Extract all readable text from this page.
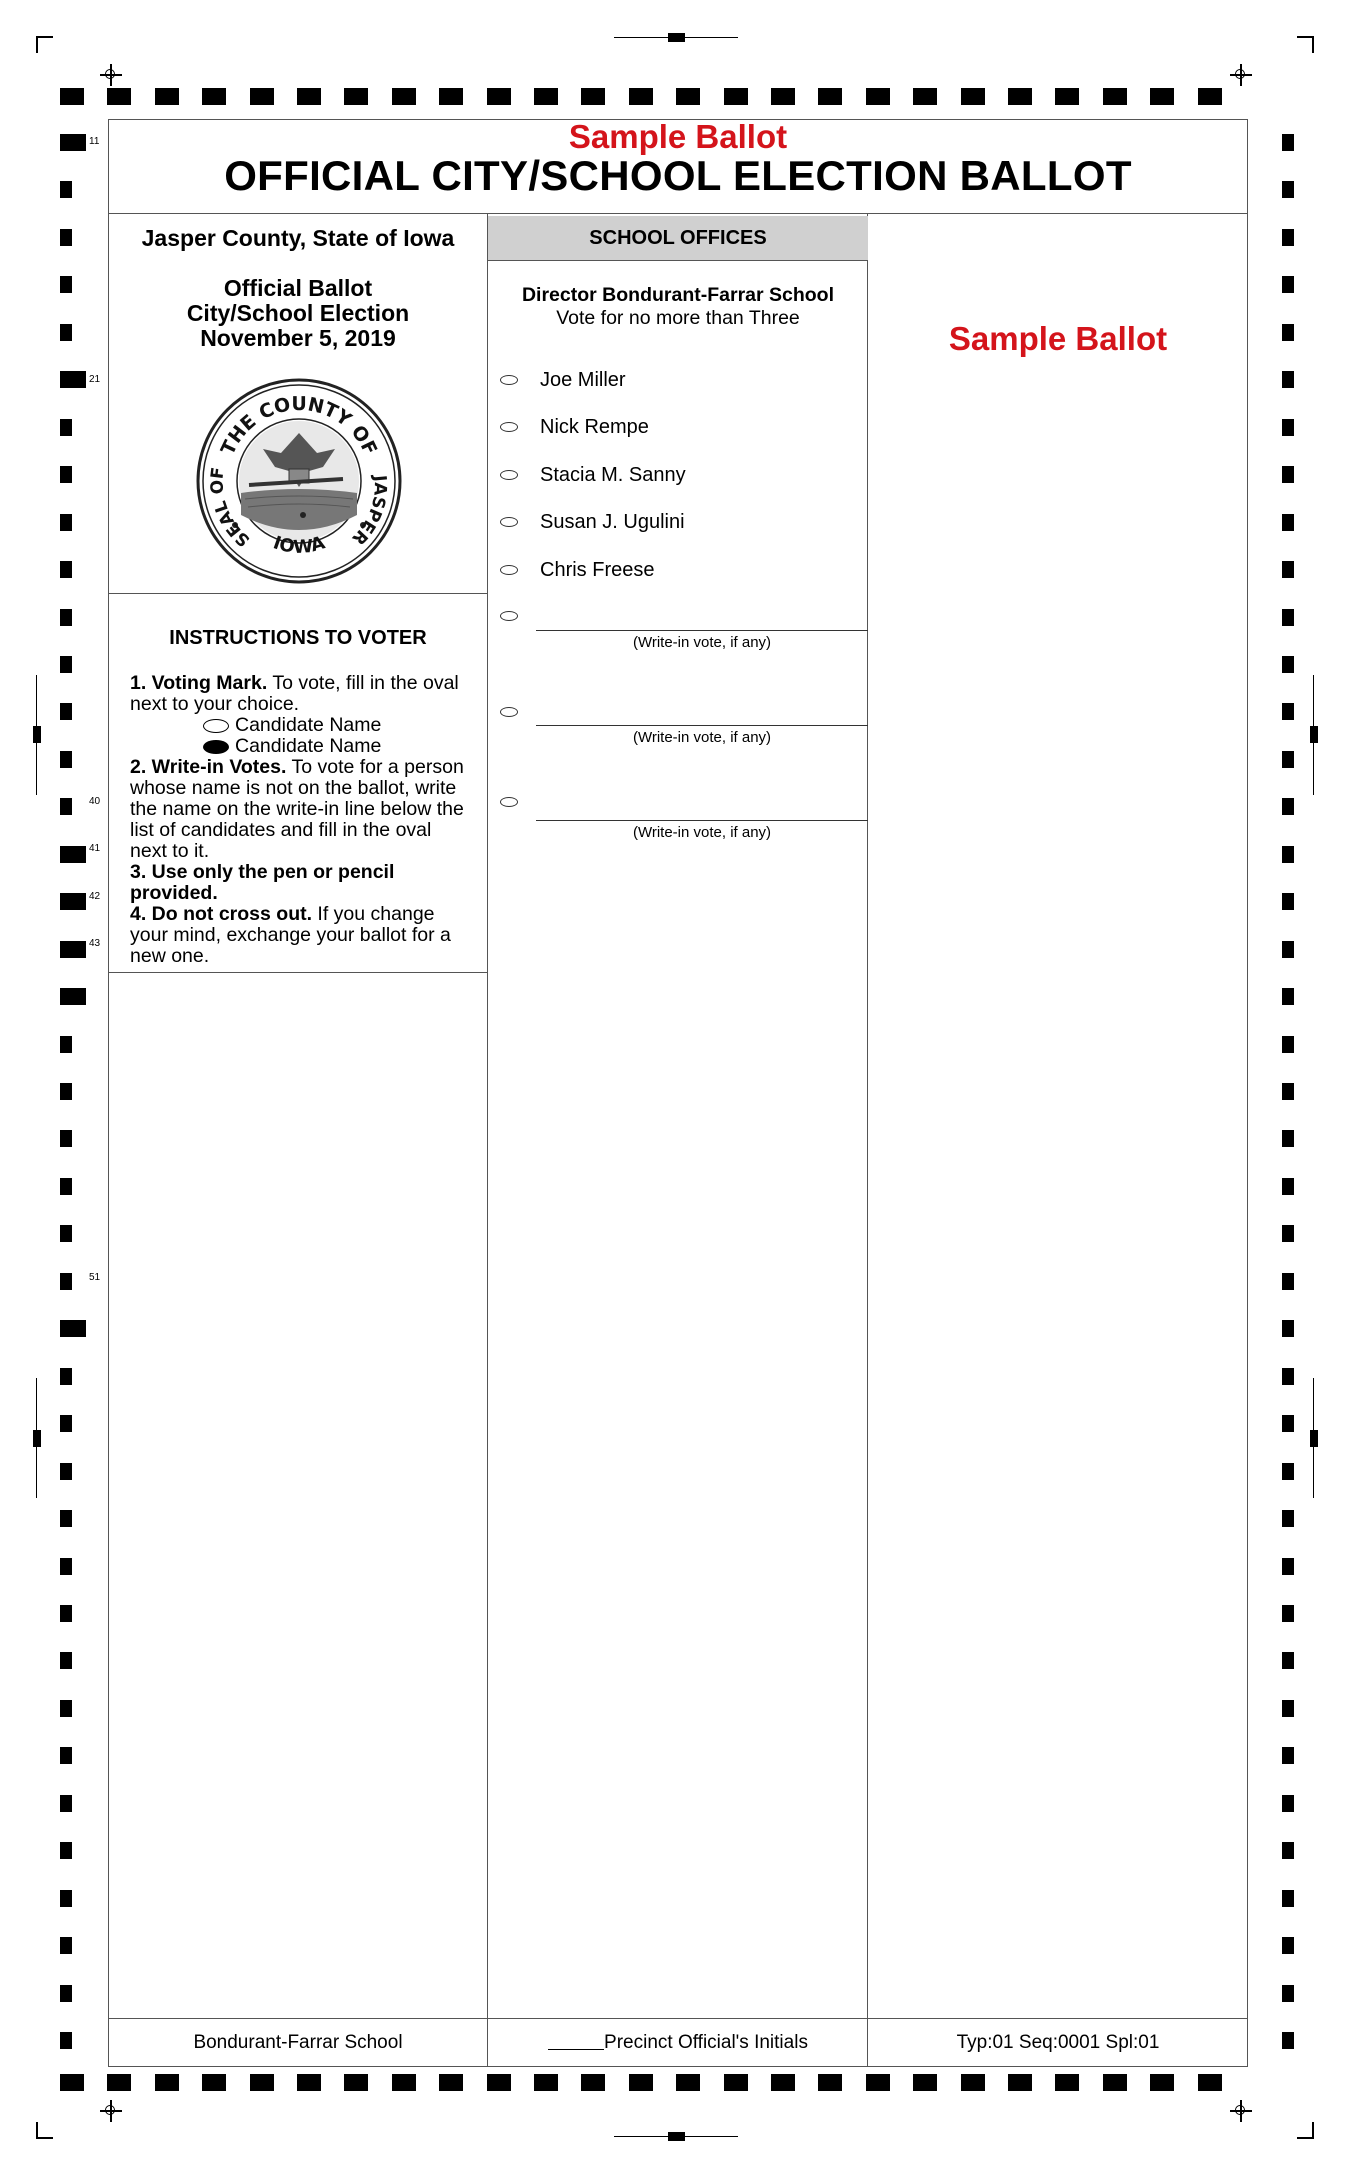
11
21
40
41
42
43
51
Sample Ballot
OFFICIAL CITY/SCHOOL ELECTION BALLOT
Jasper County, State of Iowa
Official Ballot
City/School Election
November 5, 2019
THE COUNTY OF
SEAL OF	JASPER
IOWA
INSTRUCTIONS TO VOTER
1. Voting Mark. To vote, fill in the oval next to your choice.
Candidate Name
Candidate Name
2. Write-in Votes. To vote for a person whose name is not on the ballot, write the name on the write-in line below the list of candidates and fill in the oval next to it.
3. Use only the pen or pencil provided.
4. Do not cross out. If you change your mind, exchange your ballot for a new one.
SCHOOL OFFICES
Director Bondurant-Farrar School
Vote for no more than Three
Joe Miller
Nick Rempe
Stacia M. Sanny
Susan J. Ugulini
Chris Freese
(Write-in vote, if any)
(Write-in vote, if any)
(Write-in vote, if any)
Sample Ballot
Bondurant-Farrar School	Precinct Official's Initials	Typ:01 Seq:0001 Spl:01
